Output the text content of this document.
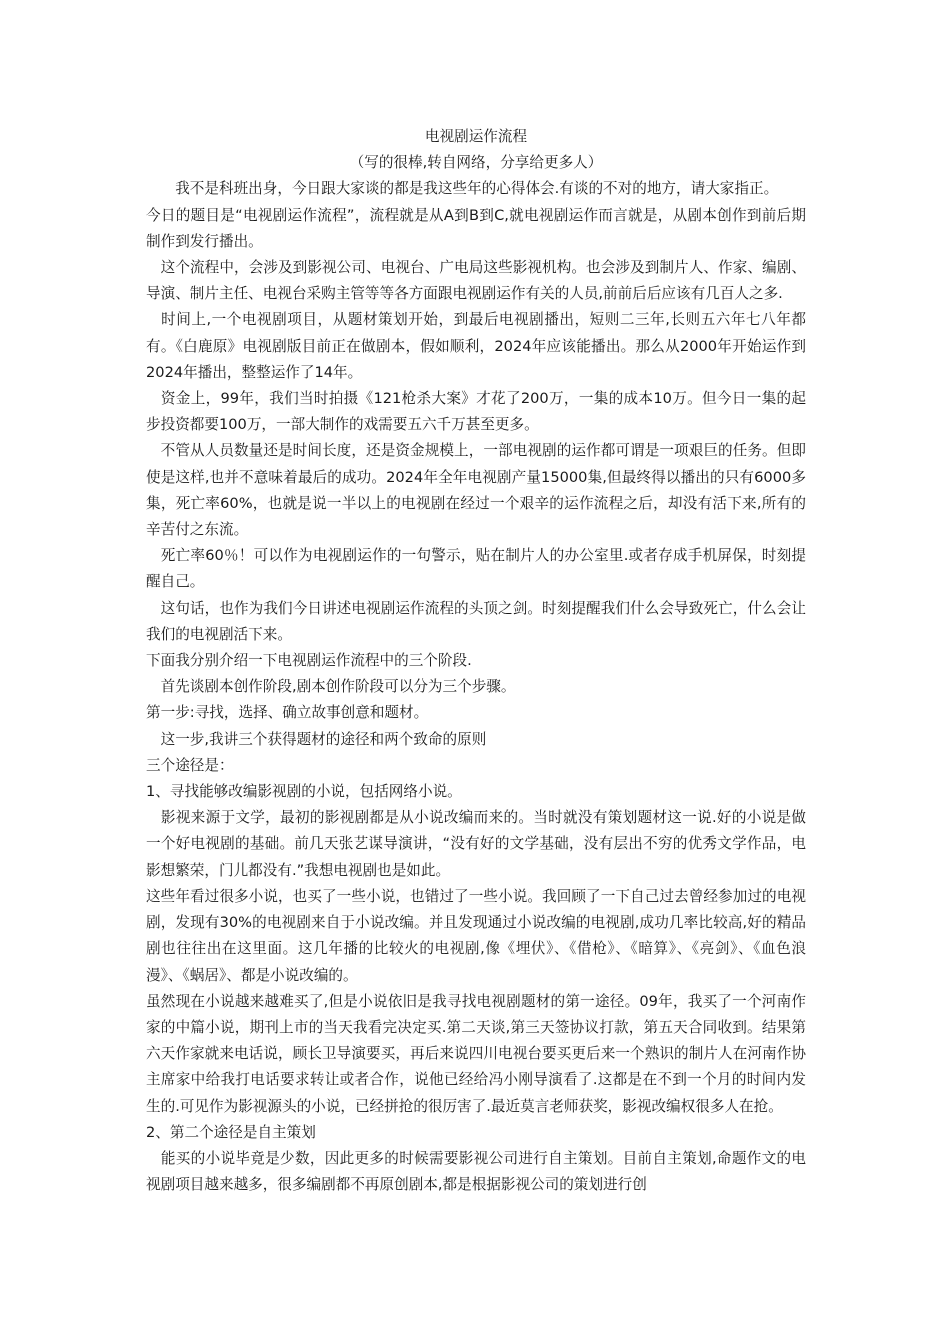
电视剧运作流程

（写的很棒,转自网络，分享给更多人）

　　我不是科班出身，今日跟大家谈的都是我这些年的心得体会.有谈的不对的地方，请大家指正。

今日的题目是“电视剧运作流程”，流程就是从A到B到C,就电视剧运作而言就是，从剧本创作到前后期制作到发行播出。

　这个流程中，会涉及到影视公司、电视台、广电局这些影视机构。也会涉及到制片人、作家、编剧、导演、制片主任、电视台采购主管等等各方面跟电视剧运作有关的人员,前前后后应该有几百人之多.

　时间上,一个电视剧项目，从题材策划开始，到最后电视剧播出，短则二三年,长则五六年七八年都有。《白鹿原》电视剧版目前正在做剧本，假如顺利，2024年应该能播出。那么从2000年开始运作到2024年播出，整整运作了14年。

　资金上，99年，我们当时拍摄《121枪杀大案》才花了200万，一集的成本10万。但今日一集的起步投资都要100万，一部大制作的戏需要五六千万甚至更多。

　不管从人员数量还是时间长度，还是资金规模上，一部电视剧的运作都可谓是一项艰巨的任务。但即使是这样,也并不意味着最后的成功。2024年全年电视剧产量15000集,但最终得以播出的只有6000多集，死亡率60%，也就是说一半以上的电视剧在经过一个艰辛的运作流程之后，却没有活下来,所有的辛苦付之东流。

　死亡率60％！可以作为电视剧运作的一句警示，贴在制片人的办公室里.或者存成手机屏保，时刻提醒自己。

　这句话，也作为我们今日讲述电视剧运作流程的头顶之剑。时刻提醒我们什么会导致死亡，什么会让我们的电视剧活下来。

下面我分别介绍一下电视剧运作流程中的三个阶段.

　首先谈剧本创作阶段,剧本创作阶段可以分为三个步骤。

第一步:寻找，选择、确立故事创意和题材。

　这一步,我讲三个获得题材的途径和两个致命的原则

三个途径是：

1、寻找能够改编影视剧的小说，包括网络小说。

　影视来源于文学，最初的影视剧都是从小说改编而来的。当时就没有策划题材这一说.好的小说是做一个好电视剧的基础。前几天张艺谋导演讲，“没有好的文学基础，没有层出不穷的优秀文学作品，电影想繁荣，门儿都没有.”我想电视剧也是如此。

这些年看过很多小说，也买了一些小说，也错过了一些小说。我回顾了一下自己过去曾经参加过的电视剧，发现有30%的电视剧来自于小说改编。并且发现通过小说改编的电视剧,成功几率比较高,好的精品剧也往往出在这里面。这几年播的比较火的电视剧,像《埋伏》、《借枪》、《暗算》、《亮剑》、《血色浪漫》、《蜗居》、都是小说改编的。

虽然现在小说越来越难买了,但是小说依旧是我寻找电视剧题材的第一途径。09年，我买了一个河南作家的中篇小说，期刊上市的当天我看完决定买.第二天谈,第三天签协议打款，第五天合同收到。结果第六天作家就来电话说，顾长卫导演要买，再后来说四川电视台要买更后来一个熟识的制片人在河南作协主席家中给我打电话要求转让或者合作，说他已经给冯小刚导演看了.这都是在不到一个月的时间内发生的.可见作为影视源头的小说，已经拼抢的很厉害了.最近莫言老师获奖，影视改编权很多人在抢。

2、第二个途径是自主策划

　能买的小说毕竟是少数，因此更多的时候需要影视公司进行自主策划。目前自主策划,命题作文的电视剧项目越来越多，很多编剧都不再原创剧本,都是根据影视公司的策划进行创
